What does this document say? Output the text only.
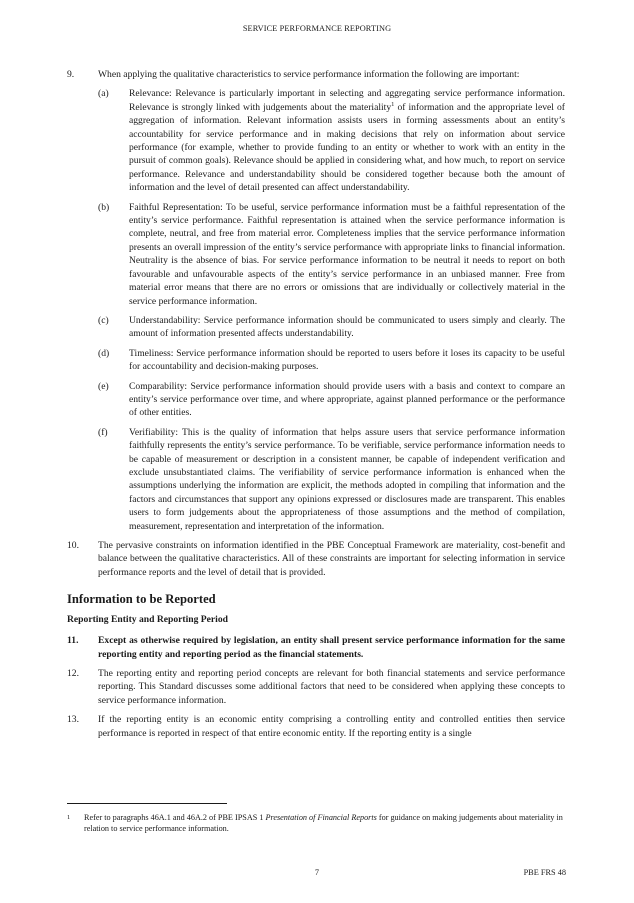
SERVICE PERFORMANCE REPORTING
9. When applying the qualitative characteristics to service performance information the following are important:
(a) Relevance: Relevance is particularly important in selecting and aggregating service performance information. Relevance is strongly linked with judgements about the materiality$^1$ of information and the appropriate level of aggregation of information. Relevant information assists users in forming assessments about an entity’s accountability for service performance and in making decisions that rely on information about service performance (for example, whether to provide funding to an entity or whether to work with an entity in the pursuit of common goals). Relevance should be applied in considering what, and how much, to report on service performance. Relevance and understandability should be considered together because both the amount of information and the level of detail presented can affect understandability.
(b) Faithful Representation: To be useful, service performance information must be a faithful representation of the entity’s service performance. Faithful representation is attained when the service performance information is complete, neutral, and free from material error. Completeness implies that the service performance information presents an overall impression of the entity’s service performance with appropriate links to financial information. Neutrality is the absence of bias. For service performance information to be neutral it needs to report on both favourable and unfavourable aspects of the entity’s service performance in an unbiased manner. Free from material error means that there are no errors or omissions that are individually or collectively material in the service performance information.
(c) Understandability: Service performance information should be communicated to users simply and clearly. The amount of information presented affects understandability.
(d) Timeliness: Service performance information should be reported to users before it loses its capacity to be useful for accountability and decision-making purposes.
(e) Comparability: Service performance information should provide users with a basis and context to compare an entity’s service performance over time, and where appropriate, against planned performance or the performance of other entities.
(f) Verifiability: This is the quality of information that helps assure users that service performance information faithfully represents the entity’s service performance. To be verifiable, service performance information needs to be capable of measurement or description in a consistent manner, be capable of independent verification and exclude unsubstantiated claims. The verifiability of service performance information is enhanced when the assumptions underlying the information are explicit, the methods adopted in compiling that information and the factors and circumstances that support any opinions expressed or disclosures made are transparent. This enables users to form judgements about the appropriateness of those assumptions and the method of compilation, measurement, representation and interpretation of the information.
10. The pervasive constraints on information identified in the PBE Conceptual Framework are materiality, cost-benefit and balance between the qualitative characteristics. All of these constraints are important for selecting information in service performance reports and the level of detail that is provided.
Information to be Reported
Reporting Entity and Reporting Period
11. Except as otherwise required by legislation, an entity shall present service performance information for the same reporting entity and reporting period as the financial statements.
12. The reporting entity and reporting period concepts are relevant for both financial statements and service performance reporting. This Standard discusses some additional factors that need to be considered when applying these concepts to service performance information.
13. If the reporting entity is an economic entity comprising a controlling entity and controlled entities then service performance is reported in respect of that entire economic entity. If the reporting entity is a single
1 Refer to paragraphs 46A.1 and 46A.2 of PBE IPSAS 1 Presentation of Financial Reports for guidance on making judgements about materiality in relation to service performance information.
7	PBE FRS 48
